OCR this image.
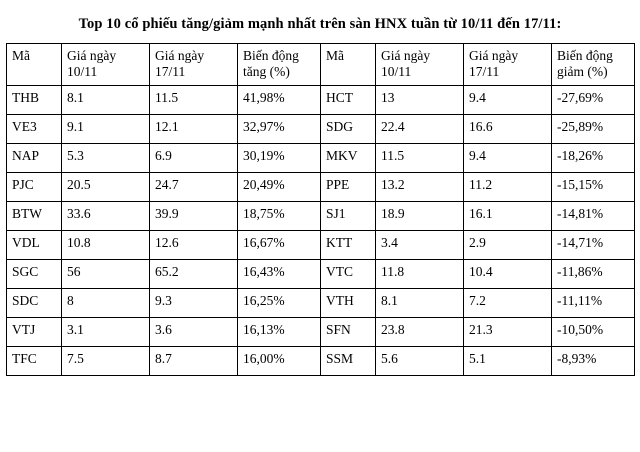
Top 10 cổ phiếu tăng/giảm mạnh nhất trên sàn HNX tuần từ 10/11 đến 17/11:
Mã	Giá ngày 10/11	Giá ngày 17/11	Biến động tăng (%)	Mã	Giá ngày 10/11	Giá ngày 17/11	Biến động giảm (%)
THB	8.1	11.5	41,98%	HCT	13	9.4	-27,69%
VE3	9.1	12.1	32,97%	SDG	22.4	16.6	-25,89%
NAP	5.3	6.9	30,19%	MKV	11.5	9.4	-18,26%
PJC	20.5	24.7	20,49%	PPE	13.2	11.2	-15,15%
BTW	33.6	39.9	18,75%	SJ1	18.9	16.1	-14,81%
VDL	10.8	12.6	16,67%	KTT	3.4	2.9	-14,71%
SGC	56	65.2	16,43%	VTC	11.8	10.4	-11,86%
SDC	8	9.3	16,25%	VTH	8.1	7.2	-11,11%
VTJ	3.1	3.6	16,13%	SFN	23.8	21.3	-10,50%
TFC	7.5	8.7	16,00%	SSM	5.6	5.1	-8,93%
